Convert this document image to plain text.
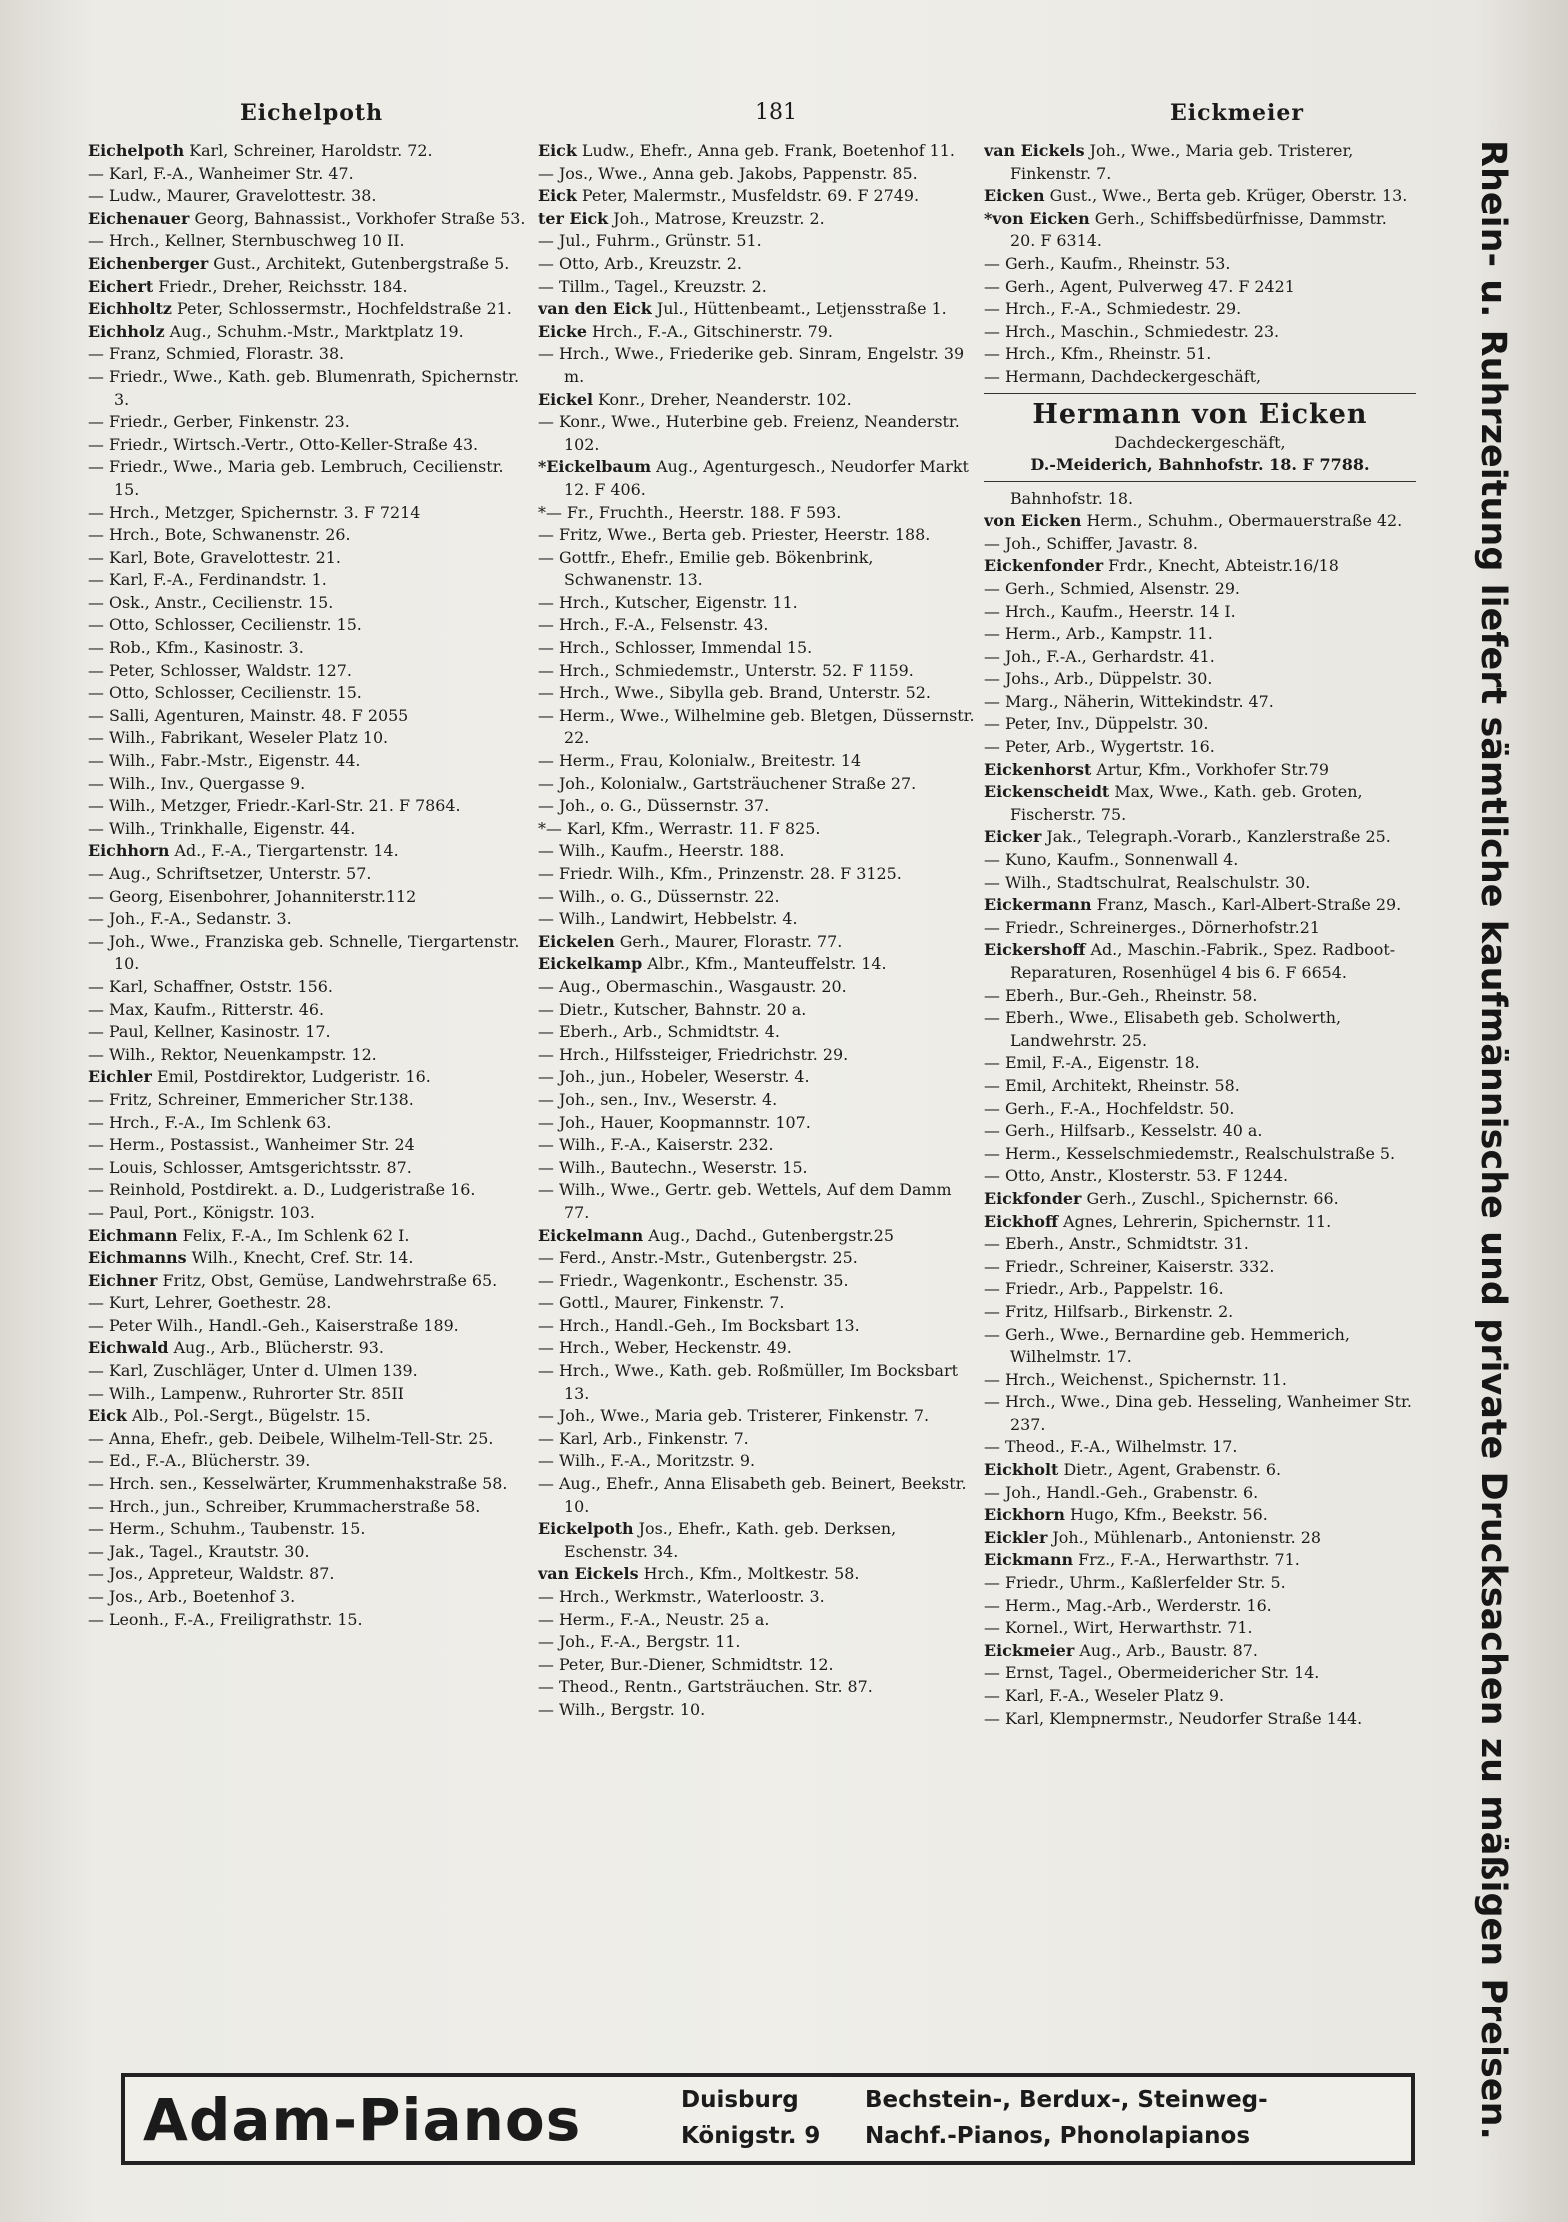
Eichelpoth	181	Eickmeier

Eichelpoth Karl, Schreiner, Haroldstr. 72.

— Karl, F.-A., Wanheimer Str. 47.

— Ludw., Maurer, Gravelottestr. 38.

Eichenauer Georg, Bahnassist., Vorkhofer Straße 53.

— Hrch., Kellner, Sternbuschweg 10 II.

Eichenberger Gust., Architekt, Gutenbergstraße 5.

Eichert Friedr., Dreher, Reichsstr. 184.

Eichholtz Peter, Schlossermstr., Hochfeldstraße 21.

Eichholz Aug., Schuhm.-Mstr., Marktplatz 19.

— Franz, Schmied, Florastr. 38.

— Friedr., Wwe., Kath. geb. Blumenrath, Spichernstr. 3.

— Friedr., Gerber, Finkenstr. 23.

— Friedr., Wirtsch.-Vertr., Otto-Keller-Straße 43.

— Friedr., Wwe., Maria geb. Lembruch, Cecilienstr. 15.

— Hrch., Metzger, Spichernstr. 3. F 7214

— Hrch., Bote, Schwanenstr. 26.

— Karl, Bote, Gravelottestr. 21.

— Karl, F.-A., Ferdinandstr. 1.

— Osk., Anstr., Cecilienstr. 15.

— Otto, Schlosser, Cecilienstr. 15.

— Rob., Kfm., Kasinostr. 3.

— Peter, Schlosser, Waldstr. 127.

— Otto, Schlosser, Cecilienstr. 15.

— Salli, Agenturen, Mainstr. 48. F 2055

— Wilh., Fabrikant, Weseler Platz 10.

— Wilh., Fabr.-Mstr., Eigenstr. 44.

— Wilh., Inv., Quergasse 9.

— Wilh., Metzger, Friedr.-Karl-Str. 21. F 7864.

— Wilh., Trinkhalle, Eigenstr. 44.

Eichhorn Ad., F.-A., Tiergartenstr. 14.

— Aug., Schriftsetzer, Unterstr. 57.

— Georg, Eisenbohrer, Johanniterstr.112

— Joh., F.-A., Sedanstr. 3.

— Joh., Wwe., Franziska geb. Schnelle, Tiergartenstr. 10.

— Karl, Schaffner, Oststr. 156.

— Max, Kaufm., Ritterstr. 46.

— Paul, Kellner, Kasinostr. 17.

— Wilh., Rektor, Neuenkampstr. 12.

Eichler Emil, Postdirektor, Ludgeristr. 16.

— Fritz, Schreiner, Emmericher Str.138.

— Hrch., F.-A., Im Schlenk 63.

— Herm., Postassist., Wanheimer Str. 24

— Louis, Schlosser, Amtsgerichtsstr. 87.

— Reinhold, Postdirekt. a. D., Ludgeristraße 16.

— Paul, Port., Königstr. 103.

Eichmann Felix, F.-A., Im Schlenk 62 I.

Eichmanns Wilh., Knecht, Cref. Str. 14.

Eichner Fritz, Obst, Gemüse, Landwehrstraße 65.

— Kurt, Lehrer, Goethestr. 28.

— Peter Wilh., Handl.-Geh., Kaiserstraße 189.

Eichwald Aug., Arb., Blücherstr. 93.

— Karl, Zuschläger, Unter d. Ulmen 139.

— Wilh., Lampenw., Ruhrorter Str. 85II

Eick Alb., Pol.-Sergt., Bügelstr. 15.

— Anna, Ehefr., geb. Deibele, Wilhelm-Tell-Str. 25.

— Ed., F.-A., Blücherstr. 39.

— Hrch. sen., Kesselwärter, Krummenhakstraße 58.

— Hrch., jun., Schreiber, Krummacherstraße 58.

— Herm., Schuhm., Taubenstr. 15.

— Jak., Tagel., Krautstr. 30.

— Jos., Appreteur, Waldstr. 87.

— Jos., Arb., Boetenhof 3.

— Leonh., F.-A., Freiligrathstr. 15.

Eick Ludw., Ehefr., Anna geb. Frank, Boetenhof 11.

— Jos., Wwe., Anna geb. Jakobs, Pappenstr. 85.

Eick Peter, Malermstr., Musfeldstr. 69. F 2749.

ter Eick Joh., Matrose, Kreuzstr. 2.

— Jul., Fuhrm., Grünstr. 51.

— Otto, Arb., Kreuzstr. 2.

— Tillm., Tagel., Kreuzstr. 2.

van den Eick Jul., Hüttenbeamt., Letjensstraße 1.

Eicke Hrch., F.-A., Gitschinerstr. 79.

— Hrch., Wwe., Friederike geb. Sinram, Engelstr. 39 m.

Eickel Konr., Dreher, Neanderstr. 102.

— Konr., Wwe., Huterbine geb. Freienz, Neanderstr. 102.

*Eickelbaum Aug., Agenturgesch., Neudorfer Markt 12. F 406.

*— Fr., Fruchth., Heerstr. 188. F 593.

— Fritz, Wwe., Berta geb. Priester, Heerstr. 188.

— Gottfr., Ehefr., Emilie geb. Bökenbrink, Schwanenstr. 13.

— Hrch., Kutscher, Eigenstr. 11.

— Hrch., F.-A., Felsenstr. 43.

— Hrch., Schlosser, Immendal 15.

— Hrch., Schmiedemstr., Unterstr. 52. F 1159.

— Hrch., Wwe., Sibylla geb. Brand, Unterstr. 52.

— Herm., Wwe., Wilhelmine geb. Bletgen, Düssernstr. 22.

— Herm., Frau, Kolonialw., Breitestr. 14

— Joh., Kolonialw., Gartsträuchener Straße 27.

— Joh., o. G., Düssernstr. 37.

*— Karl, Kfm., Werrastr. 11. F 825.

— Wilh., Kaufm., Heerstr. 188.

— Friedr. Wilh., Kfm., Prinzenstr. 28. F 3125.

— Wilh., o. G., Düssernstr. 22.

— Wilh., Landwirt, Hebbelstr. 4.

Eickelen Gerh., Maurer, Florastr. 77.

Eickelkamp Albr., Kfm., Manteuffelstr. 14.

— Aug., Obermaschin., Wasgaustr. 20.

— Dietr., Kutscher, Bahnstr. 20 a.

— Eberh., Arb., Schmidtstr. 4.

— Hrch., Hilfssteiger, Friedrichstr. 29.

— Joh., jun., Hobeler, Weserstr. 4.

— Joh., sen., Inv., Weserstr. 4.

— Joh., Hauer, Koopmannstr. 107.

— Wilh., F.-A., Kaiserstr. 232.

— Wilh., Bautechn., Weserstr. 15.

— Wilh., Wwe., Gertr. geb. Wettels, Auf dem Damm 77.

Eickelmann Aug., Dachd., Gutenbergstr.25

— Ferd., Anstr.-Mstr., Gutenbergstr. 25.

— Friedr., Wagenkontr., Eschenstr. 35.

— Gottl., Maurer, Finkenstr. 7.

— Hrch., Handl.-Geh., Im Bocksbart 13.

— Hrch., Weber, Heckenstr. 49.

— Hrch., Wwe., Kath. geb. Roßmüller, Im Bocksbart 13.

— Joh., Wwe., Maria geb. Tristerer, Finkenstr. 7.

— Karl, Arb., Finkenstr. 7.

— Wilh., F.-A., Moritzstr. 9.

— Aug., Ehefr., Anna Elisabeth geb. Beinert, Beekstr. 10.

Eickelpoth Jos., Ehefr., Kath. geb. Derksen, Eschenstr. 34.

van Eickels Hrch., Kfm., Moltkestr. 58.

— Hrch., Werkmstr., Waterloostr. 3.

— Herm., F.-A., Neustr. 25 a.

— Joh., F.-A., Bergstr. 11.

— Peter, Bur.-Diener, Schmidtstr. 12.

— Theod., Rentn., Gartsträuchen. Str. 87.

— Wilh., Bergstr. 10.

van Eickels Joh., Wwe., Maria geb. Tristerer, Finkenstr. 7.

Eicken Gust., Wwe., Berta geb. Krüger, Oberstr. 13.

*von Eicken Gerh., Schiffsbedürfnisse, Dammstr. 20. F 6314.

— Gerh., Kaufm., Rheinstr. 53.

— Gerh., Agent, Pulverweg 47. F 2421

— Hrch., F.-A., Schmiedestr. 29.

— Hrch., Maschin., Schmiedestr. 23.

— Hrch., Kfm., Rheinstr. 51.

— Hermann, Dachdeckergeschäft,

Hermann von Eicken
Dachdeckergeschäft,
D.-Meiderich, Bahnhofstr. 18. F 7788.
Bahnhofstr. 18.

von Eicken Herm., Schuhm., Obermauerstraße 42.

— Joh., Schiffer, Javastr. 8.

Eickenfonder Frdr., Knecht, Abteistr.16/18

— Gerh., Schmied, Alsenstr. 29.

— Hrch., Kaufm., Heerstr. 14 I.

— Herm., Arb., Kampstr. 11.

— Joh., F.-A., Gerhardstr. 41.

— Johs., Arb., Düppelstr. 30.

— Marg., Näherin, Wittekindstr. 47.

— Peter, Inv., Düppelstr. 30.

— Peter, Arb., Wygertstr. 16.

Eickenhorst Artur, Kfm., Vorkhofer Str.79

Eickenscheidt Max, Wwe., Kath. geb. Groten, Fischerstr. 75.

Eicker Jak., Telegraph.-Vorarb., Kanzlerstraße 25.

— Kuno, Kaufm., Sonnenwall 4.

— Wilh., Stadtschulrat, Realschulstr. 30.

Eickermann Franz, Masch., Karl-Albert-Straße 29.

— Friedr., Schreinerges., Dörnerhofstr.21

Eickershoff Ad., Maschin.-Fabrik., Spez. Radboot-Reparaturen, Rosenhügel 4 bis 6. F 6654.

— Eberh., Bur.-Geh., Rheinstr. 58.

— Eberh., Wwe., Elisabeth geb. Scholwerth, Landwehrstr. 25.

— Emil, F.-A., Eigenstr. 18.

— Emil, Architekt, Rheinstr. 58.

— Gerh., F.-A., Hochfeldstr. 50.

— Gerh., Hilfsarb., Kesselstr. 40 a.

— Herm., Kesselschmiedemstr., Realschulstraße 5.

— Otto, Anstr., Klosterstr. 53. F 1244.

Eickfonder Gerh., Zuschl., Spichernstr. 66.

Eickhoff Agnes, Lehrerin, Spichernstr. 11.

— Eberh., Anstr., Schmidtstr. 31.

— Friedr., Schreiner, Kaiserstr. 332.

— Friedr., Arb., Pappelstr. 16.

— Fritz, Hilfsarb., Birkenstr. 2.

— Gerh., Wwe., Bernardine geb. Hemmerich, Wilhelmstr. 17.

— Hrch., Weichenst., Spichernstr. 11.

— Hrch., Wwe., Dina geb. Hesseling, Wanheimer Str. 237.

— Theod., F.-A., Wilhelmstr. 17.

Eickholt Dietr., Agent, Grabenstr. 6.

— Joh., Handl.-Geh., Grabenstr. 6.

Eickhorn Hugo, Kfm., Beekstr. 56.

Eickler Joh., Mühlenarb., Antonienstr. 28

Eickmann Frz., F.-A., Herwarthstr. 71.

— Friedr., Uhrm., Kaßlerfelder Str. 5.

— Herm., Mag.-Arb., Werderstr. 16.

— Kornel., Wirt, Herwarthstr. 71.

Eickmeier Aug., Arb., Baustr. 87.

— Ernst, Tagel., Obermeidericher Str. 14.

— Karl, F.-A., Weseler Platz 9.

— Karl, Klempnermstr., Neudorfer Straße 144.	Rhein- u. Ruhrzeitung liefert sämtliche kaufmännische und private Drucksachen zu mäßigen Preisen.
Adam-Pianos	Duisburg
Königstr. 9
Bechstein-, Berdux-, Steinweg-
Nachf.-Pianos, Phonolapianos
